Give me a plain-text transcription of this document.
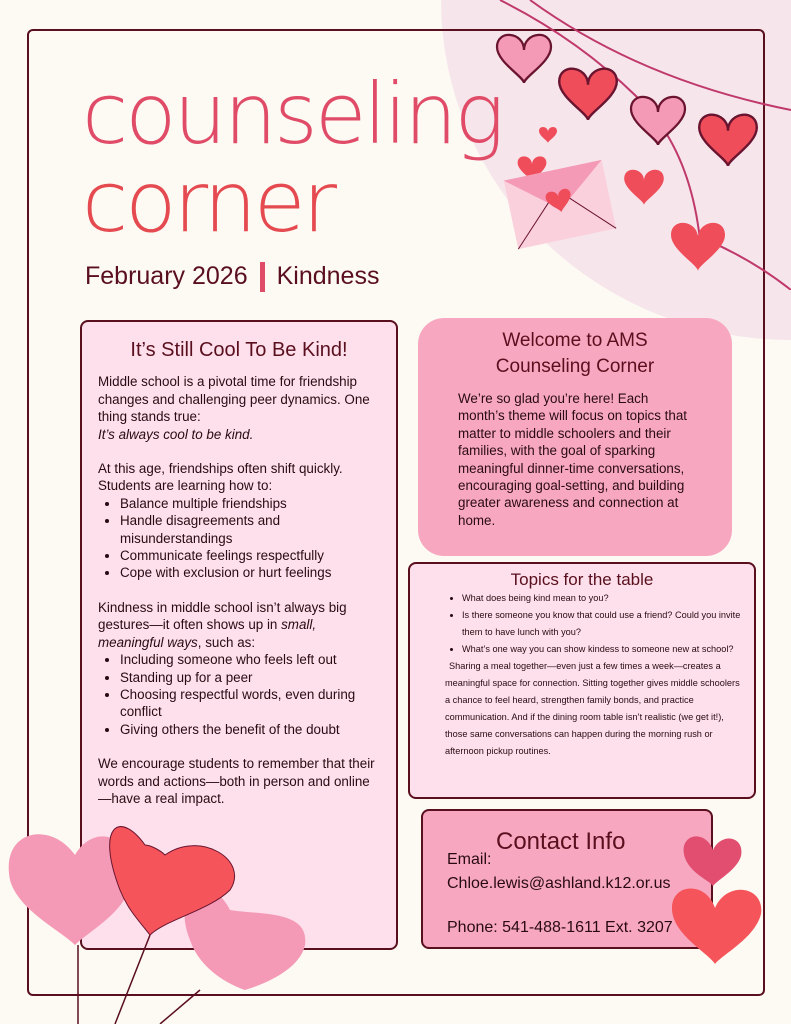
counseling
corner
February 2026 Kindness
It’s Still Cool To Be Kind!

Middle school is a pivotal time for friendship changes and challenging peer dynamics. One thing stands true:
It’s always cool to be kind.

At this age, friendships often shift quickly. Students are learning how to:
• Balance multiple friendships
• Handle disagreements and misunderstandings
• Communicate feelings respectfully
• Cope with exclusion or hurt feelings
Kindness in middle school isn’t always big gestures—it often shows up in small, meaningful ways, such as:
• Including someone who feels left out
• Standing up for a peer
• Choosing respectful words, even during conflict
• Giving others the benefit of the doubt

We encourage students to remember that their words and actions—both in person and online—have a real impact.

Welcome to AMS Counseling Corner

We’re so glad you’re here! Each month’s theme will focus on topics that matter to middle schoolers and their families, with the goal of sparking meaningful dinner-time conversations, encouraging goal-setting, and building greater awareness and connection at home.

Topics for the table
• What does being kind mean to you?
• Is there someone you know that could use a friend? Could you invite them to have lunch with you?
• What’s one way you can show kindess to someone new at school?

Sharing a meal together—even just a few times a week—creates a meaningful space for connection. Sitting together gives middle schoolers a chance to feel heard, strengthen family bonds, and practice communication. And if the dining room table isn’t realistic (we get it!), those same conversations can happen during the morning rush or afternoon pickup routines.

Contact Info
Email:
Chloe.lewis@ashland.k12.or.us
Phone: 541-488-1611 Ext. 3207
